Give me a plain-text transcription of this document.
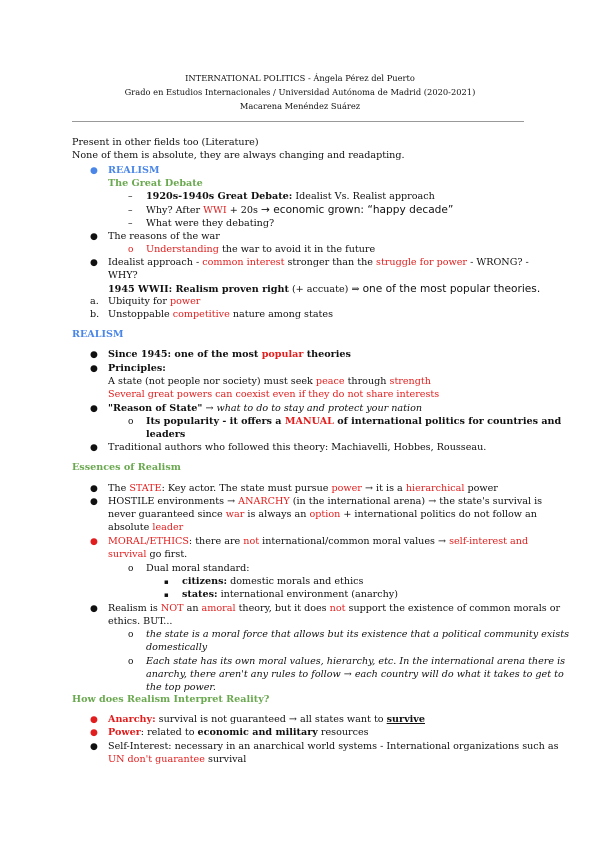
INTERNATIONAL POLITICS - Ángela Pérez del Puerto
Grado en Estudios Internacionales / Universidad Autónoma de Madrid (2020-2021)
Macarena Menéndez Suárez
Present in other fields too (Literature)
None of them is absolute, they are always changing and readapting.
● REALISM
The Great Debate
– 1920s-1940s Great Debate: Idealist Vs. Realist approach
– Why? After WWI + 20s → economic grown: “happy decade”
– What were they debating?
● The reasons of the war
o Understanding the war to avoid it in the future
● Idealist approach - common interest stronger than the struggle for power - WRONG? -
WHY?
1945 WWII: Realism proven right (+ accuate) ⇒ one of the most popular theories.
a. Ubiquity for power
b. Unstoppable competitive nature among states
REALISM
● Since 1945: one of the most popular theories
● Principles:
A state (not people nor society) must seek peace through strength
Several great powers can coexist even if they do not share interests
● "Reason of State" → what to do to stay and protect your nation
o Its popularity - it offers a MANUAL of international politics for countries and
leaders
● Traditional authors who followed this theory: Machiavelli, Hobbes, Rousseau.
Essences of Realism
● The STATE: Key actor. The state must pursue power → it is a hierarchical power
● HOSTILE environments → ANARCHY (in the international arena) → the state's survival is
never guaranteed since war is always an option + international politics do not follow an
absolute leader
● MORAL/ETHICS: there are not international/common moral values → self-interest and
survival go first.
o Dual moral standard:
▪ citizens: domestic morals and ethics
▪ states: international environment (anarchy)
● Realism is NOT an amoral theory, but it does not support the existence of common morals or
ethics. BUT...
o the state is a moral force that allows but its existence that a political community exists
domestically
o Each state has its own moral values, hierarchy, etc. In the international arena there is
anarchy, there aren't any rules to follow → each country will do what it takes to get to
the top power.
How does Realism Interpret Reality?
● Anarchy: survival is not guaranteed → all states want to survive
● Power: related to economic and military resources
● Self-Interest: necessary in an anarchical world systems - International organizations such as
UN don't guarantee survival
